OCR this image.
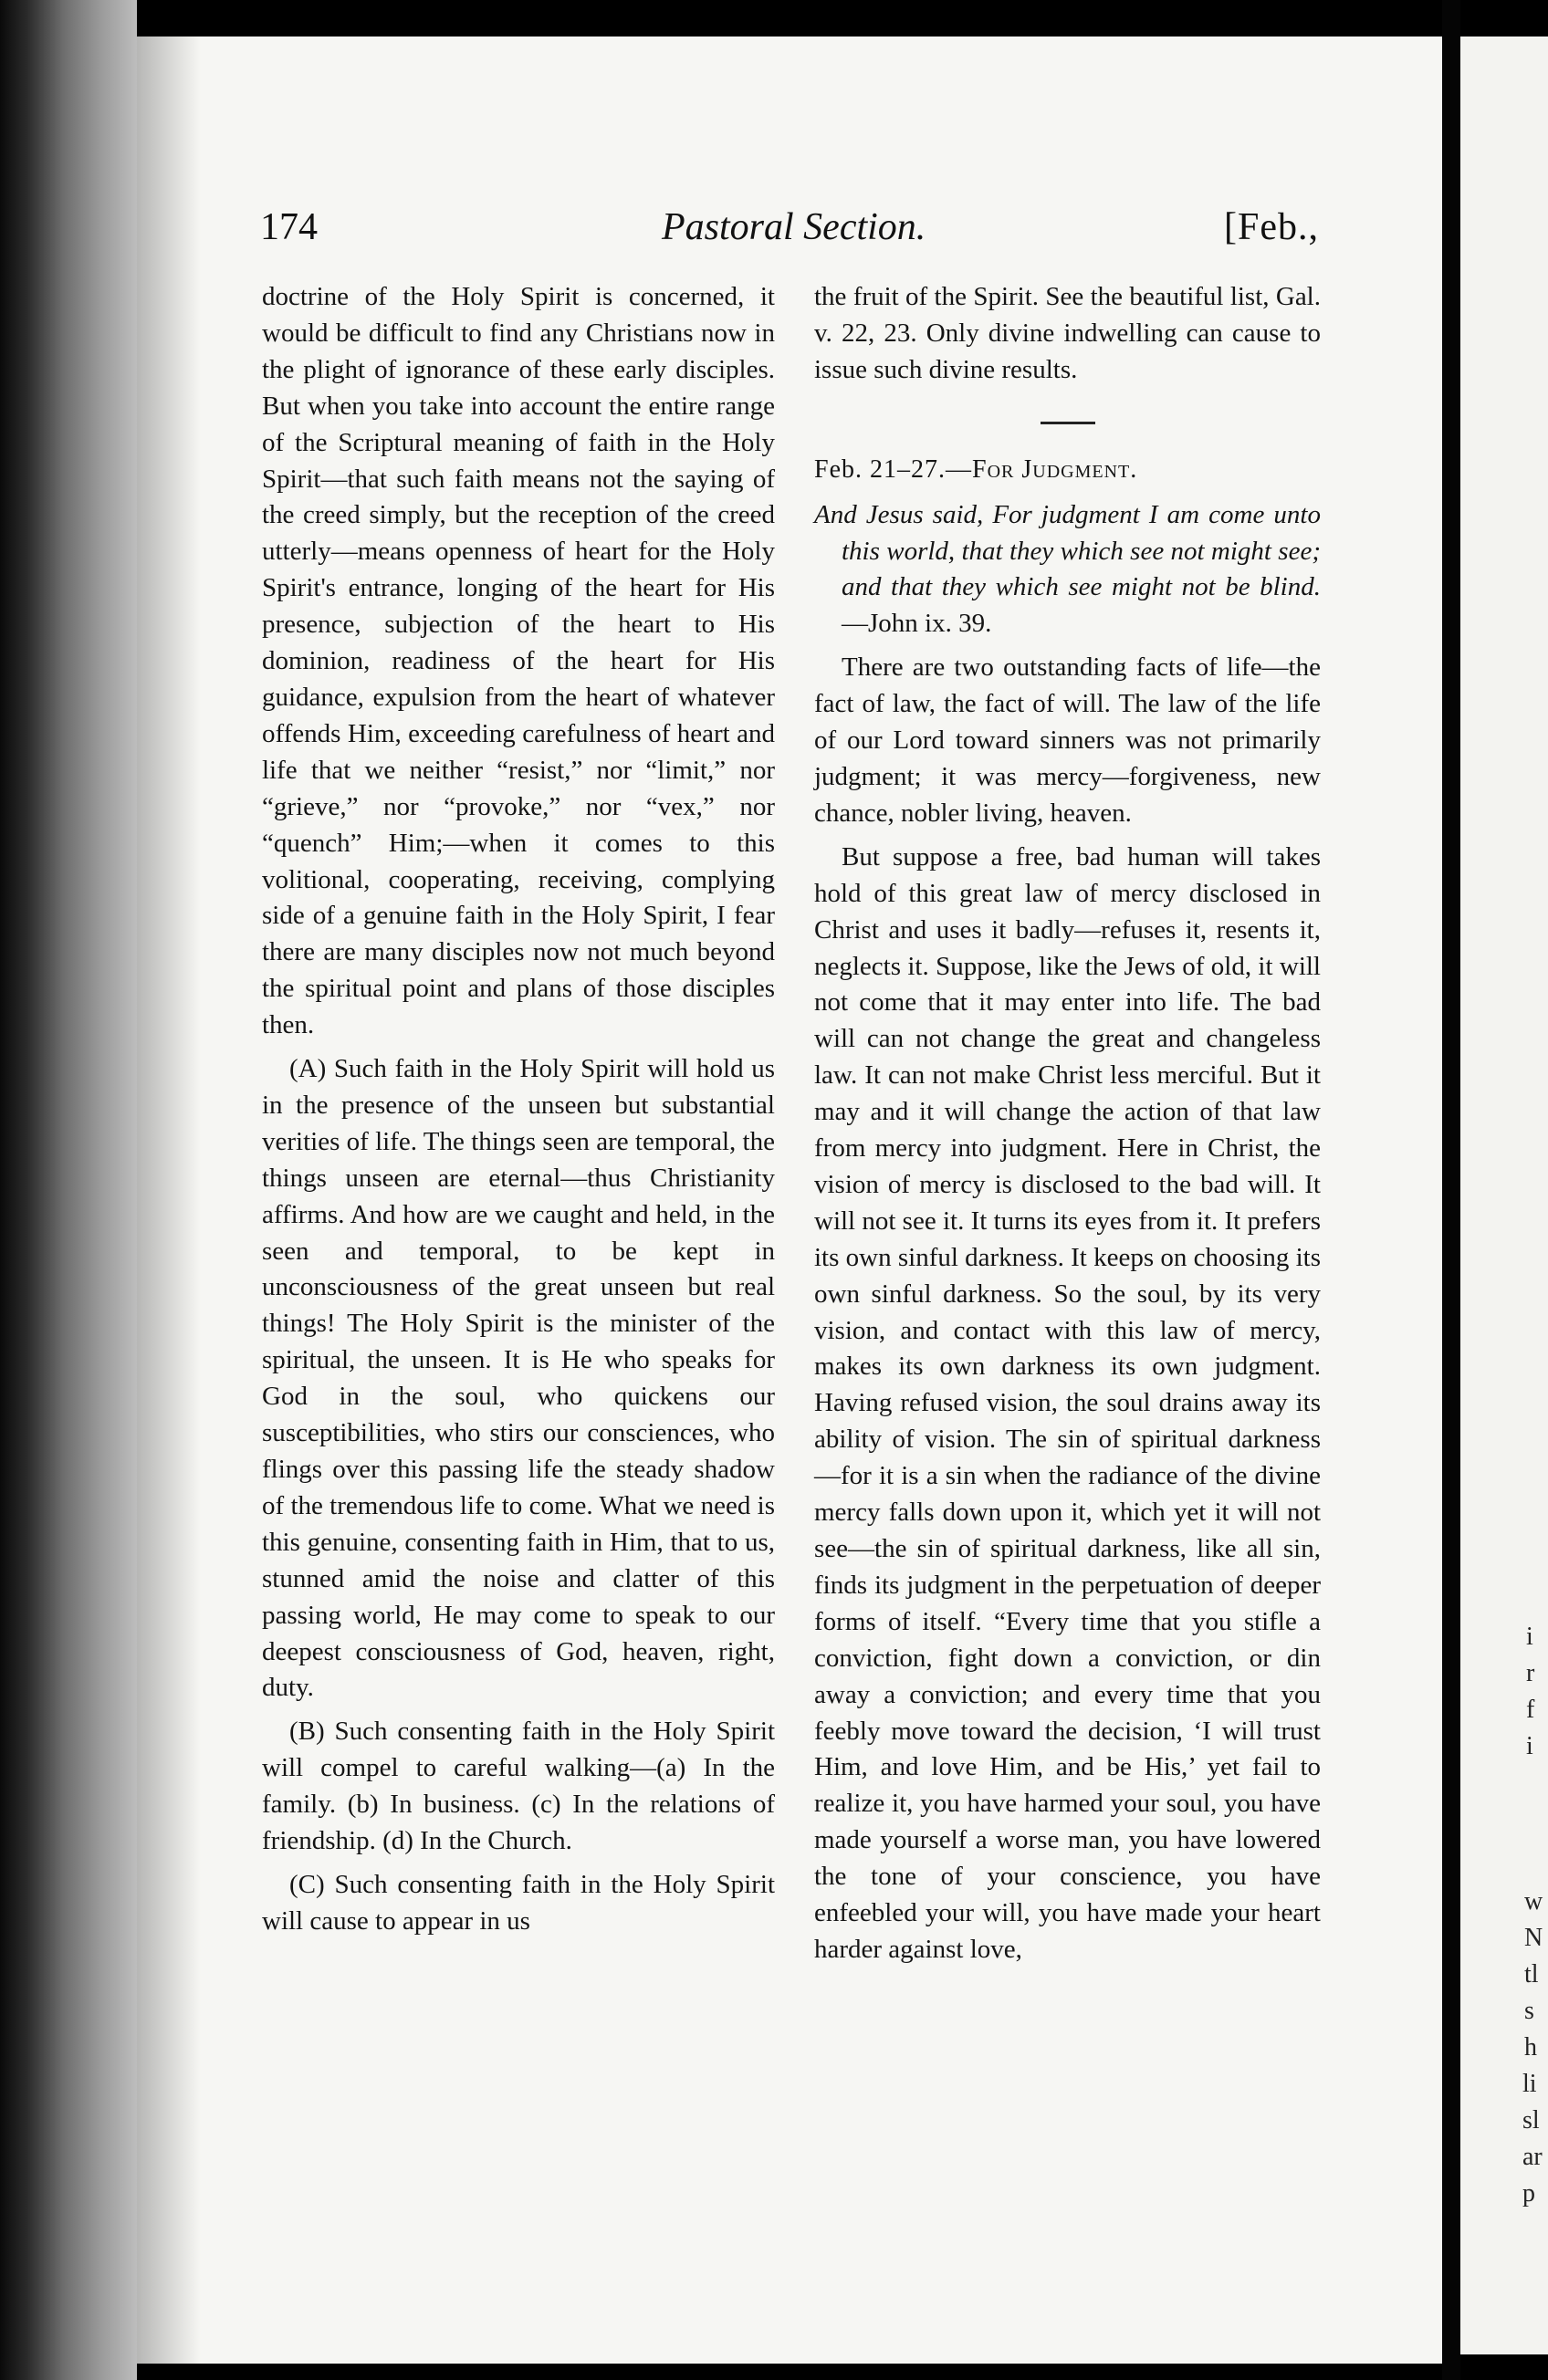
174	Pastoral Section.	[Feb.,

doctrine of the Holy Spirit is concerned, it would be difficult to find any Christians now in the plight of ignorance of these early disciples. But when you take into account the entire range of the Scriptural meaning of faith in the Holy Spirit—that such faith means not the saying of the creed simply, but the reception of the creed utterly—means openness of heart for the Holy Spirit's entrance, longing of the heart for His presence, subjection of the heart to His dominion, readiness of the heart for His guidance, expulsion from the heart of whatever offends Him, exceeding carefulness of heart and life that we neither “resist,” nor “limit,” nor “grieve,” nor “provoke,” nor “vex,” nor “quench” Him;—when it comes to this volitional, cooperating, receiving, complying side of a genuine faith in the Holy Spirit, I fear there are many disciples now not much beyond the spiritual point and plans of those disciples then.

(A) Such faith in the Holy Spirit will hold us in the presence of the unseen but substantial verities of life. The things seen are temporal, the things unseen are eternal—thus Christianity affirms. And how are we caught and held, in the seen and temporal, to be kept in unconsciousness of the great unseen but real things! The Holy Spirit is the minister of the spiritual, the unseen. It is He who speaks for God in the soul, who quickens our susceptibilities, who stirs our consciences, who flings over this passing life the steady shadow of the tremendous life to come. What we need is this genuine, consenting faith in Him, that to us, stunned amid the noise and clatter of this passing world, He may come to speak to our deepest consciousness of God, heaven, right, duty.

(B) Such consenting faith in the Holy Spirit will compel to careful walking—(a) In the family. (b) In business. (c) In the relations of friendship. (d) In the Church.

(C) Such consenting faith in the Holy Spirit will cause to appear in us

the fruit of the Spirit. See the beautiful list, Gal. v. 22, 23. Only divine indwelling can cause to issue such divine results.

Feb. 21–27.—For Judgment.

And Jesus said, For judgment I am come unto this world, that they which see not might see; and that they which see might not be blind.—John ix. 39.

There are two outstanding facts of life—the fact of law, the fact of will. The law of the life of our Lord toward sinners was not primarily judgment; it was mercy—forgiveness, new chance, nobler living, heaven.

But suppose a free, bad human will takes hold of this great law of mercy disclosed in Christ and uses it badly—refuses it, resents it, neglects it. Suppose, like the Jews of old, it will not come that it may enter into life. The bad will can not change the great and changeless law. It can not make Christ less merciful. But it may and it will change the action of that law from mercy into judgment. Here in Christ, the vision of mercy is disclosed to the bad will. It will not see it. It turns its eyes from it. It prefers its own sinful darkness. It keeps on choosing its own sinful darkness. So the soul, by its very vision, and contact with this law of mercy, makes its own darkness its own judgment. Having refused vision, the soul drains away its ability of vision. The sin of spiritual darkness—for it is a sin when the radiance of the divine mercy falls down upon it, which yet it will not see—the sin of spiritual darkness, like all sin, finds its judgment in the perpetuation of deeper forms of itself. “Every time that you stifle a conviction, fight down a conviction, or din away a conviction; and every time that you feebly move toward the decision, ‘I will trust Him, and love Him, and be His,’ yet fail to realize it, you have harmed your soul, you have made yourself a worse man, you have lowered the tone of your conscience, you have enfeebled your will, you have made your heart harder against love,

i
r
f
i
w
N
tl
s
h
li
sl
ar
p
